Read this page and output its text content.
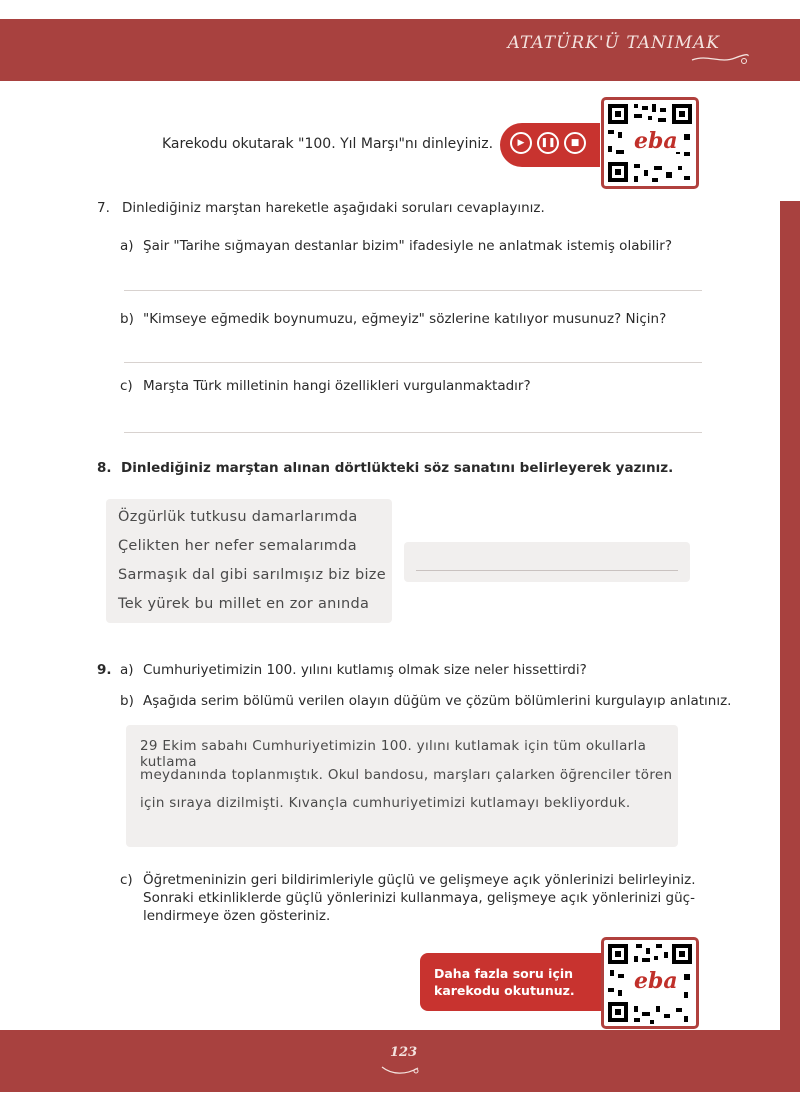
ATATÜRK'Ü TANIMAK
Karekodu okutarak "100. Yıl Marşı"nı dinleyiniz.	▶	❚❚	■ eba
7. Dinlediğiniz marştan hareketle aşağıdaki soruları cevaplayınız.
a) Şair "Tarihe sığmayan destanlar bizim" ifadesiyle ne anlatmak istemiş olabilir?
b) "Kimseye eğmedik boynumuzu, eğmeyiz" sözlerine katılıyor musunuz? Niçin?
c) Marşta Türk milletinin hangi özellikleri vurgulanmaktadır?
8. Dinlediğiniz marştan alınan dörtlükteki söz sanatını belirleyerek yazınız.
Özgürlük tutkusu damarlarımda
Çelikten her nefer semalarımda
Sarmaşık dal gibi sarılmışız biz bize
Tek yürek bu millet en zor anında
9. a) Cumhuriyetimizin 100. yılını kutlamış olmak size neler hissettirdi?
b) Aşağıda serim bölümü verilen olayın düğüm ve çözüm bölümlerini kurgulayıp anlatınız.
29 Ekim sabahı Cumhuriyetimizin 100. yılını kutlamak için tüm okullarla kutlama
meydanında toplanmıştık. Okul bandosu, marşları çalarken öğrenciler tören
için sıraya dizilmişti. Kıvançla cumhuriyetimizi kutlamayı bekliyorduk.
c) Öğretmeninizin geri bildirimleriyle güçlü ve gelişmeye açık yönlerinizi belirleyiniz.
Sonraki etkinliklerde güçlü yönlerinizi kullanmaya, gelişmeye açık yönlerinizi güç-
lendirmeye özen gösteriniz.
Daha fazla soru için
karekodu okutunuz.	eba
123
